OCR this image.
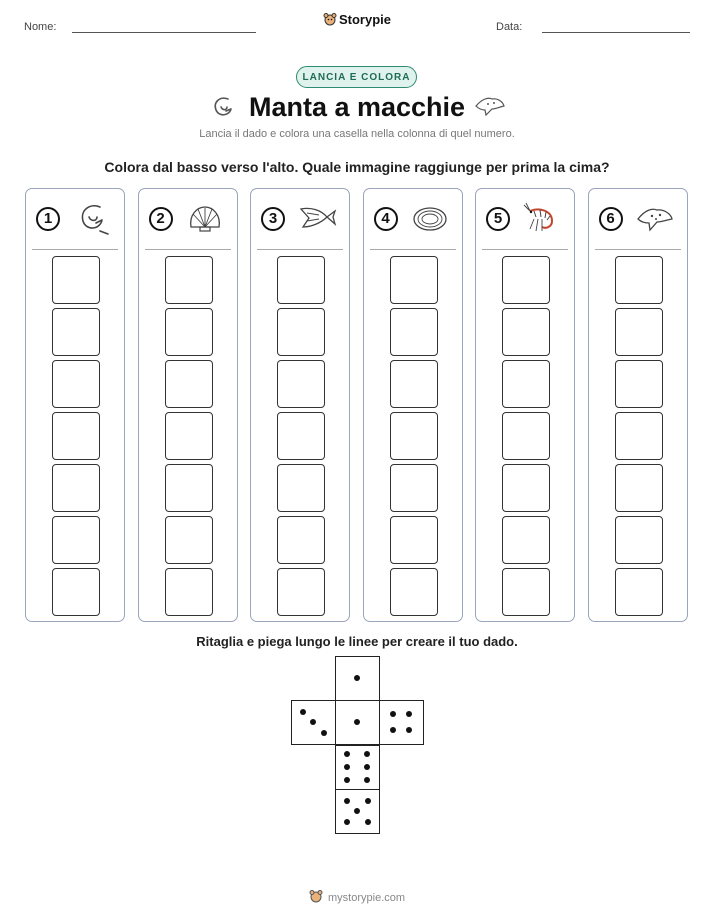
Nome:	Storypie	Data:
LANCIA E COLORA
Manta a macchie
Lancia il dado e colora una casella nella colonna di quel numero.
Colora dal basso verso l'alto. Quale immagine raggiunge per prima la cima?
1	2	3	4	5	6
Ritaglia e piega lungo le linee per creare il tuo dado.
mystorypie.com
